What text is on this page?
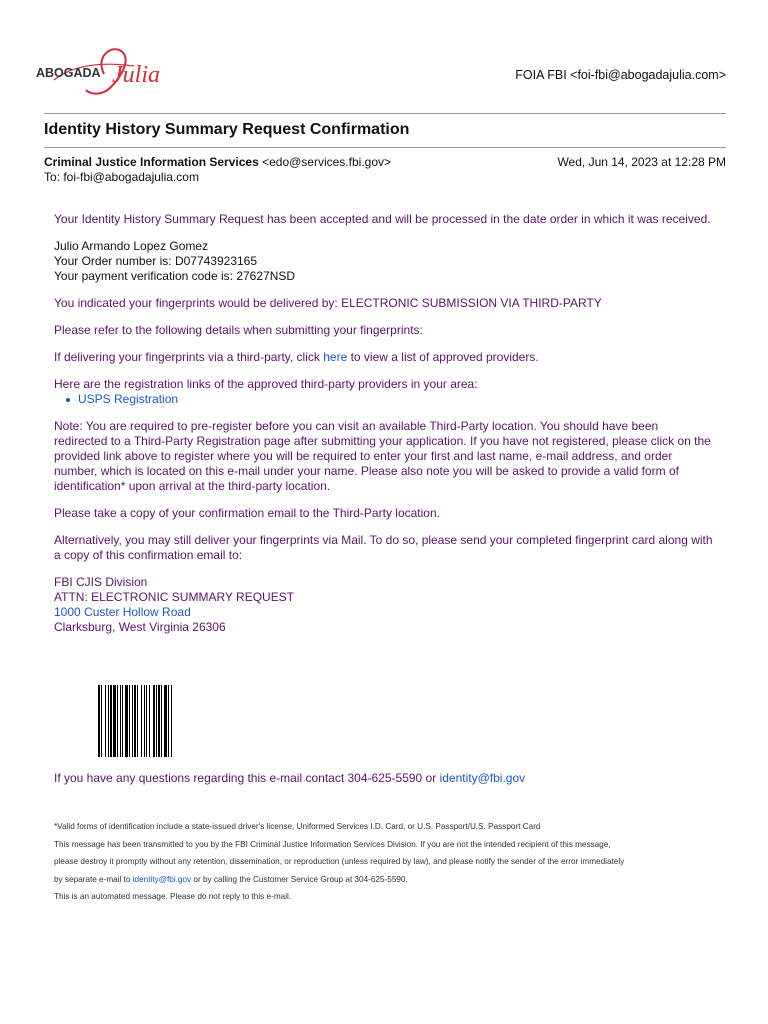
ABOGADA Julia	FOIA FBI <foi-fbi@abogadajulia.com>
Identity History Summary Request Confirmation
Criminal Justice Information Services <edo@services.fbi.gov>
To: foi-fbi@abogadajulia.com
Wed, Jun 14, 2023 at 12:28 PM

Your Identity History Summary Request has been accepted and will be processed in the date order in which it was received.

Julio Armando Lopez Gomez

Your Order number is: D07743923165

Your payment verification code is: 27627NSD

You indicated your fingerprints would be delivered by: ELECTRONIC SUBMISSION VIA THIRD-PARTY

Please refer to the following details when submitting your fingerprints:

If delivering your fingerprints via a third-party, click here to view a list of approved providers.

Here are the registration links of the approved third-party providers in your area:

USPS Registration

Note: You are required to pre-register before you can visit an available Third-Party location. You should have been redirected to a Third-Party Registration page after submitting your application. If you have not registered, please click on the provided link above to register where you will be required to enter your first and last name, e-mail address, and order number, which is located on this e-mail under your name. Please also note you will be asked to provide a valid form of identification* upon arrival at the third-party location.

Please take a copy of your confirmation email to the Third-Party location.

Alternatively, you may still deliver your fingerprints via Mail. To do so, please send your completed fingerprint card along with a copy of this confirmation email to:

FBI CJIS Division

ATTN: ELECTRONIC SUMMARY REQUEST

1000 Custer Hollow Road

Clarksburg, West Virginia 26306

If you have any questions regarding this e-mail contact 304-625-5590 or identity@fbi.gov

*Valid forms of identification include a state-issued driver's license, Uniformed Services I.D. Card, or U.S. Passport/U.S. Passport Card

This message has been transmitted to you by the FBI Criminal Justice Information Services Division. If you are not the intended recipient of this message,

please destroy it promptly without any retention, dissemination, or reproduction (unless required by law), and please notify the sender of the error immediately

by separate e-mail to identity@fbi.gov or by calling the Customer Service Group at 304-625-5590.

This is an automated message. Please do not reply to this e-mail.
